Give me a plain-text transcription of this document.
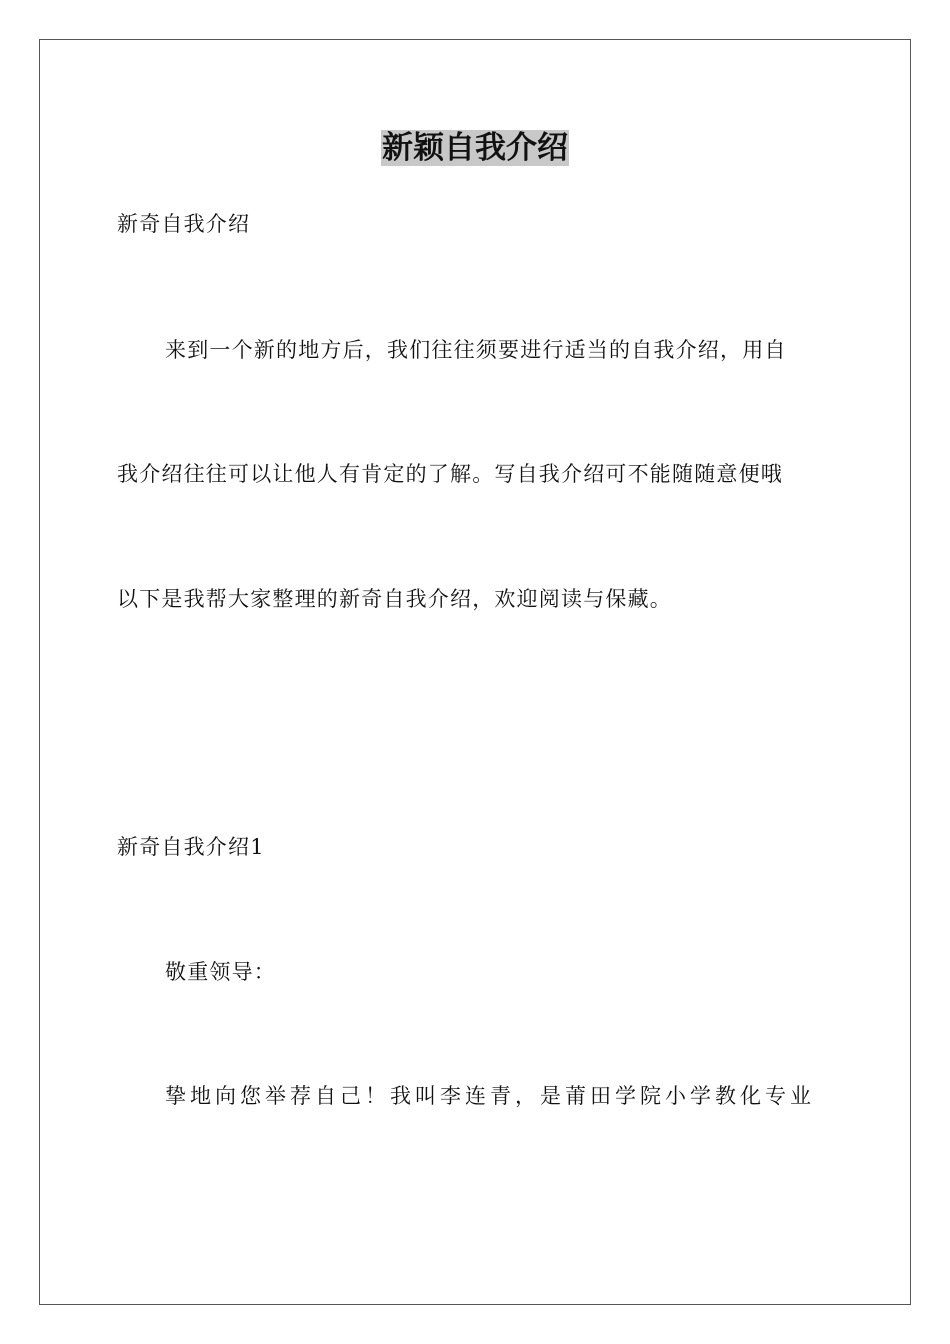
新颖自我介绍

新奇自我介绍

来到一个新的地方后，我们往往须要进行适当的自我介绍，用自

我介绍往往可以让他人有肯定的了解。写自我介绍可不能随随意便哦

以下是我帮大家整理的新奇自我介绍，欢迎阅读与保藏。

新奇自我介绍1

敬重领导：

挚地向您举荐自己！我叫李连青，是莆田学院小学教化专业
